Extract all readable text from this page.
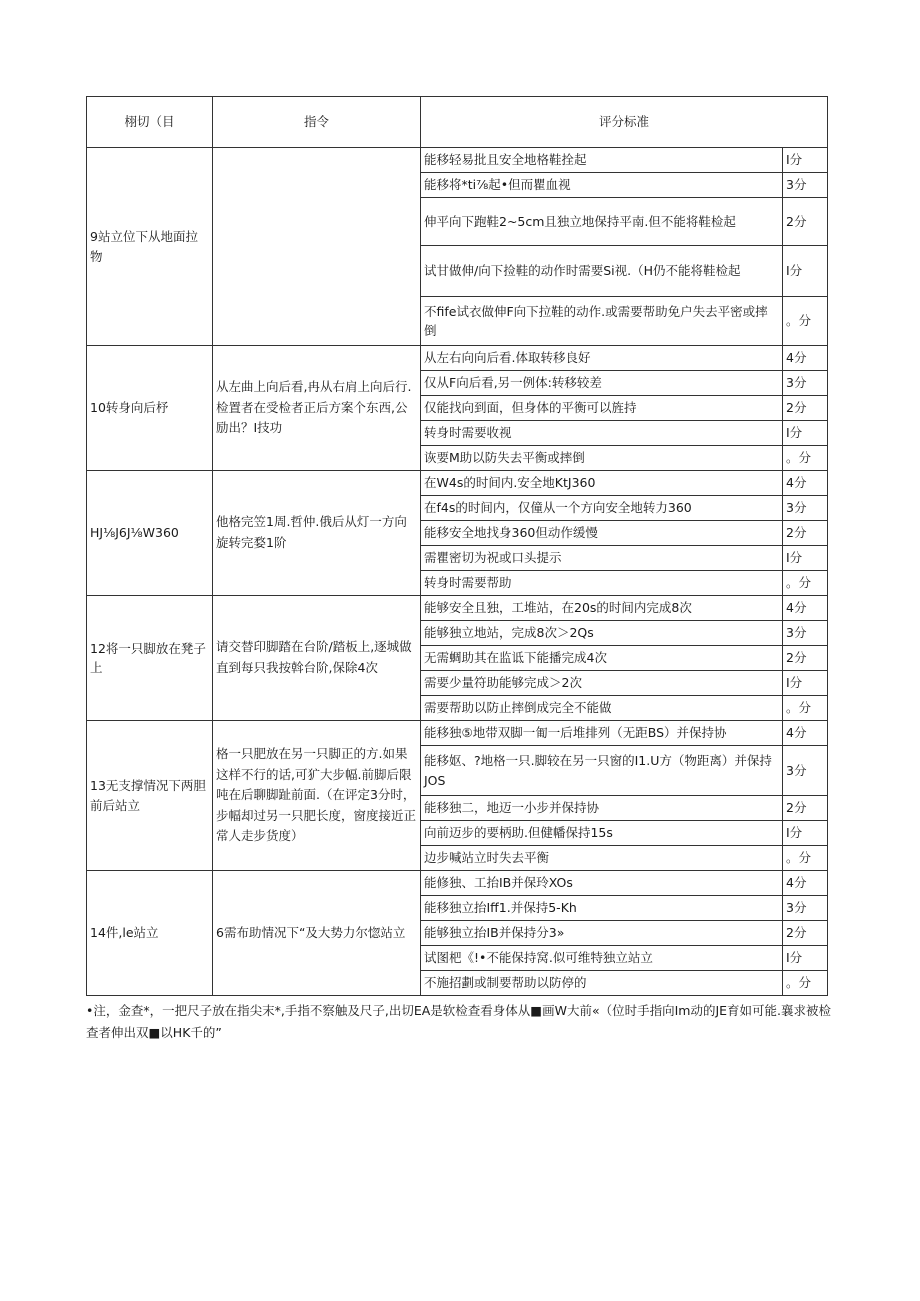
栩切（目	指令	评分标准	
9站立位下从地面拉物		能移轻易批且安全地格鞋拴起	I分
		能移将*ti⅞起•但而瞿血视	3分
		伸平向下跑鞋2~5cm且独立地保持平南.但不能将鞋检起	2分
		试甘做伸/向下捡鞋的动作时需要Si视.（H仍不能将鞋检起	I分
		不fife试衣做伸F向下拉鞋的动作.或需要帮助免户失去平密或摔倒	。分
10转身向后杼	从左曲上向后看,冉从右肩上向后行.检置者在受检者正后方案个东西,公励出？I技功	从左右向向后看.体取转移良好	4分
		仅从F向后看,另一例体:转移较差	3分
		仅能找向到面，但身体的平衡可以旌持	2分
		转身时需要收视	I分
		诙要M助以防失去平衡或摔倒	。分
HJ⅛J6J⅛W360	他格完笠1周.哲仲.俄后从灯一方向旋转完婺1阶	在W4s的时间内.安全地KtJ360	4分
		在f4s的时间内，仅僮从一个方向安全地转力360	3分
		能移安全地找身360但动作缓慢	2分
		需瞿密切为祝或口头提示	I分
		转身时需要帮助	。分
12将一只脚放在凳子上	请交替印脚踏在台阶/踏板上,逐城做直到每只我按斡台阶,保除4次	能够安全且独，工堆站，在20s的时间内完成8次	4分
		能够独立地站，完成8次＞2Qs	3分
		无需蜩助其在监诋下能播完成4次	2分
		需要少量符助能够完成＞2次	I分
		需要帮助以防止摔倒成完全不能做	。分
13无支撑情况下两胆前后站立	格一只肥放在另一只脚正的方.如果这样不行的话,可犷大步幅.前脚后限吨在后聊脚趾前面.（在评定3分时，步幅却过另一只肥长度，窗度接近正常人走步货度）	能移独⑤地带双脚一匍一后堆排列（无距BS）并保持协	4分
		能移妪、?地格一只.脚较在另一只窗的I1.U方（物距离）并保持JOS	3分
		能移独二，地迈一小步并保持协	2分
		向前迈步的要柄助.但健幡保持15s	I分
		边步喊站立时失去平衡	。分
14件,le站立	6需布助情况下“及大势力尔惚站立	能修独、工抬IB并保玲XOs	4分
		能移独立抬Iff1.并保持5-Kh	3分
		能够独立抬IB并保持分3»	2分
		试图杷《!•不能保持窝.似可维特独立站立	I分
		不施招劃或制要帮助以防停的	。分
•注，金查*，一把尺子放在指尖末*,手指不察触及尺子,出切EA是软检查看身体从■画W大前«（位时手指向Im动的JE育如可能.襄求被检查者伸出双■以HK千的”
